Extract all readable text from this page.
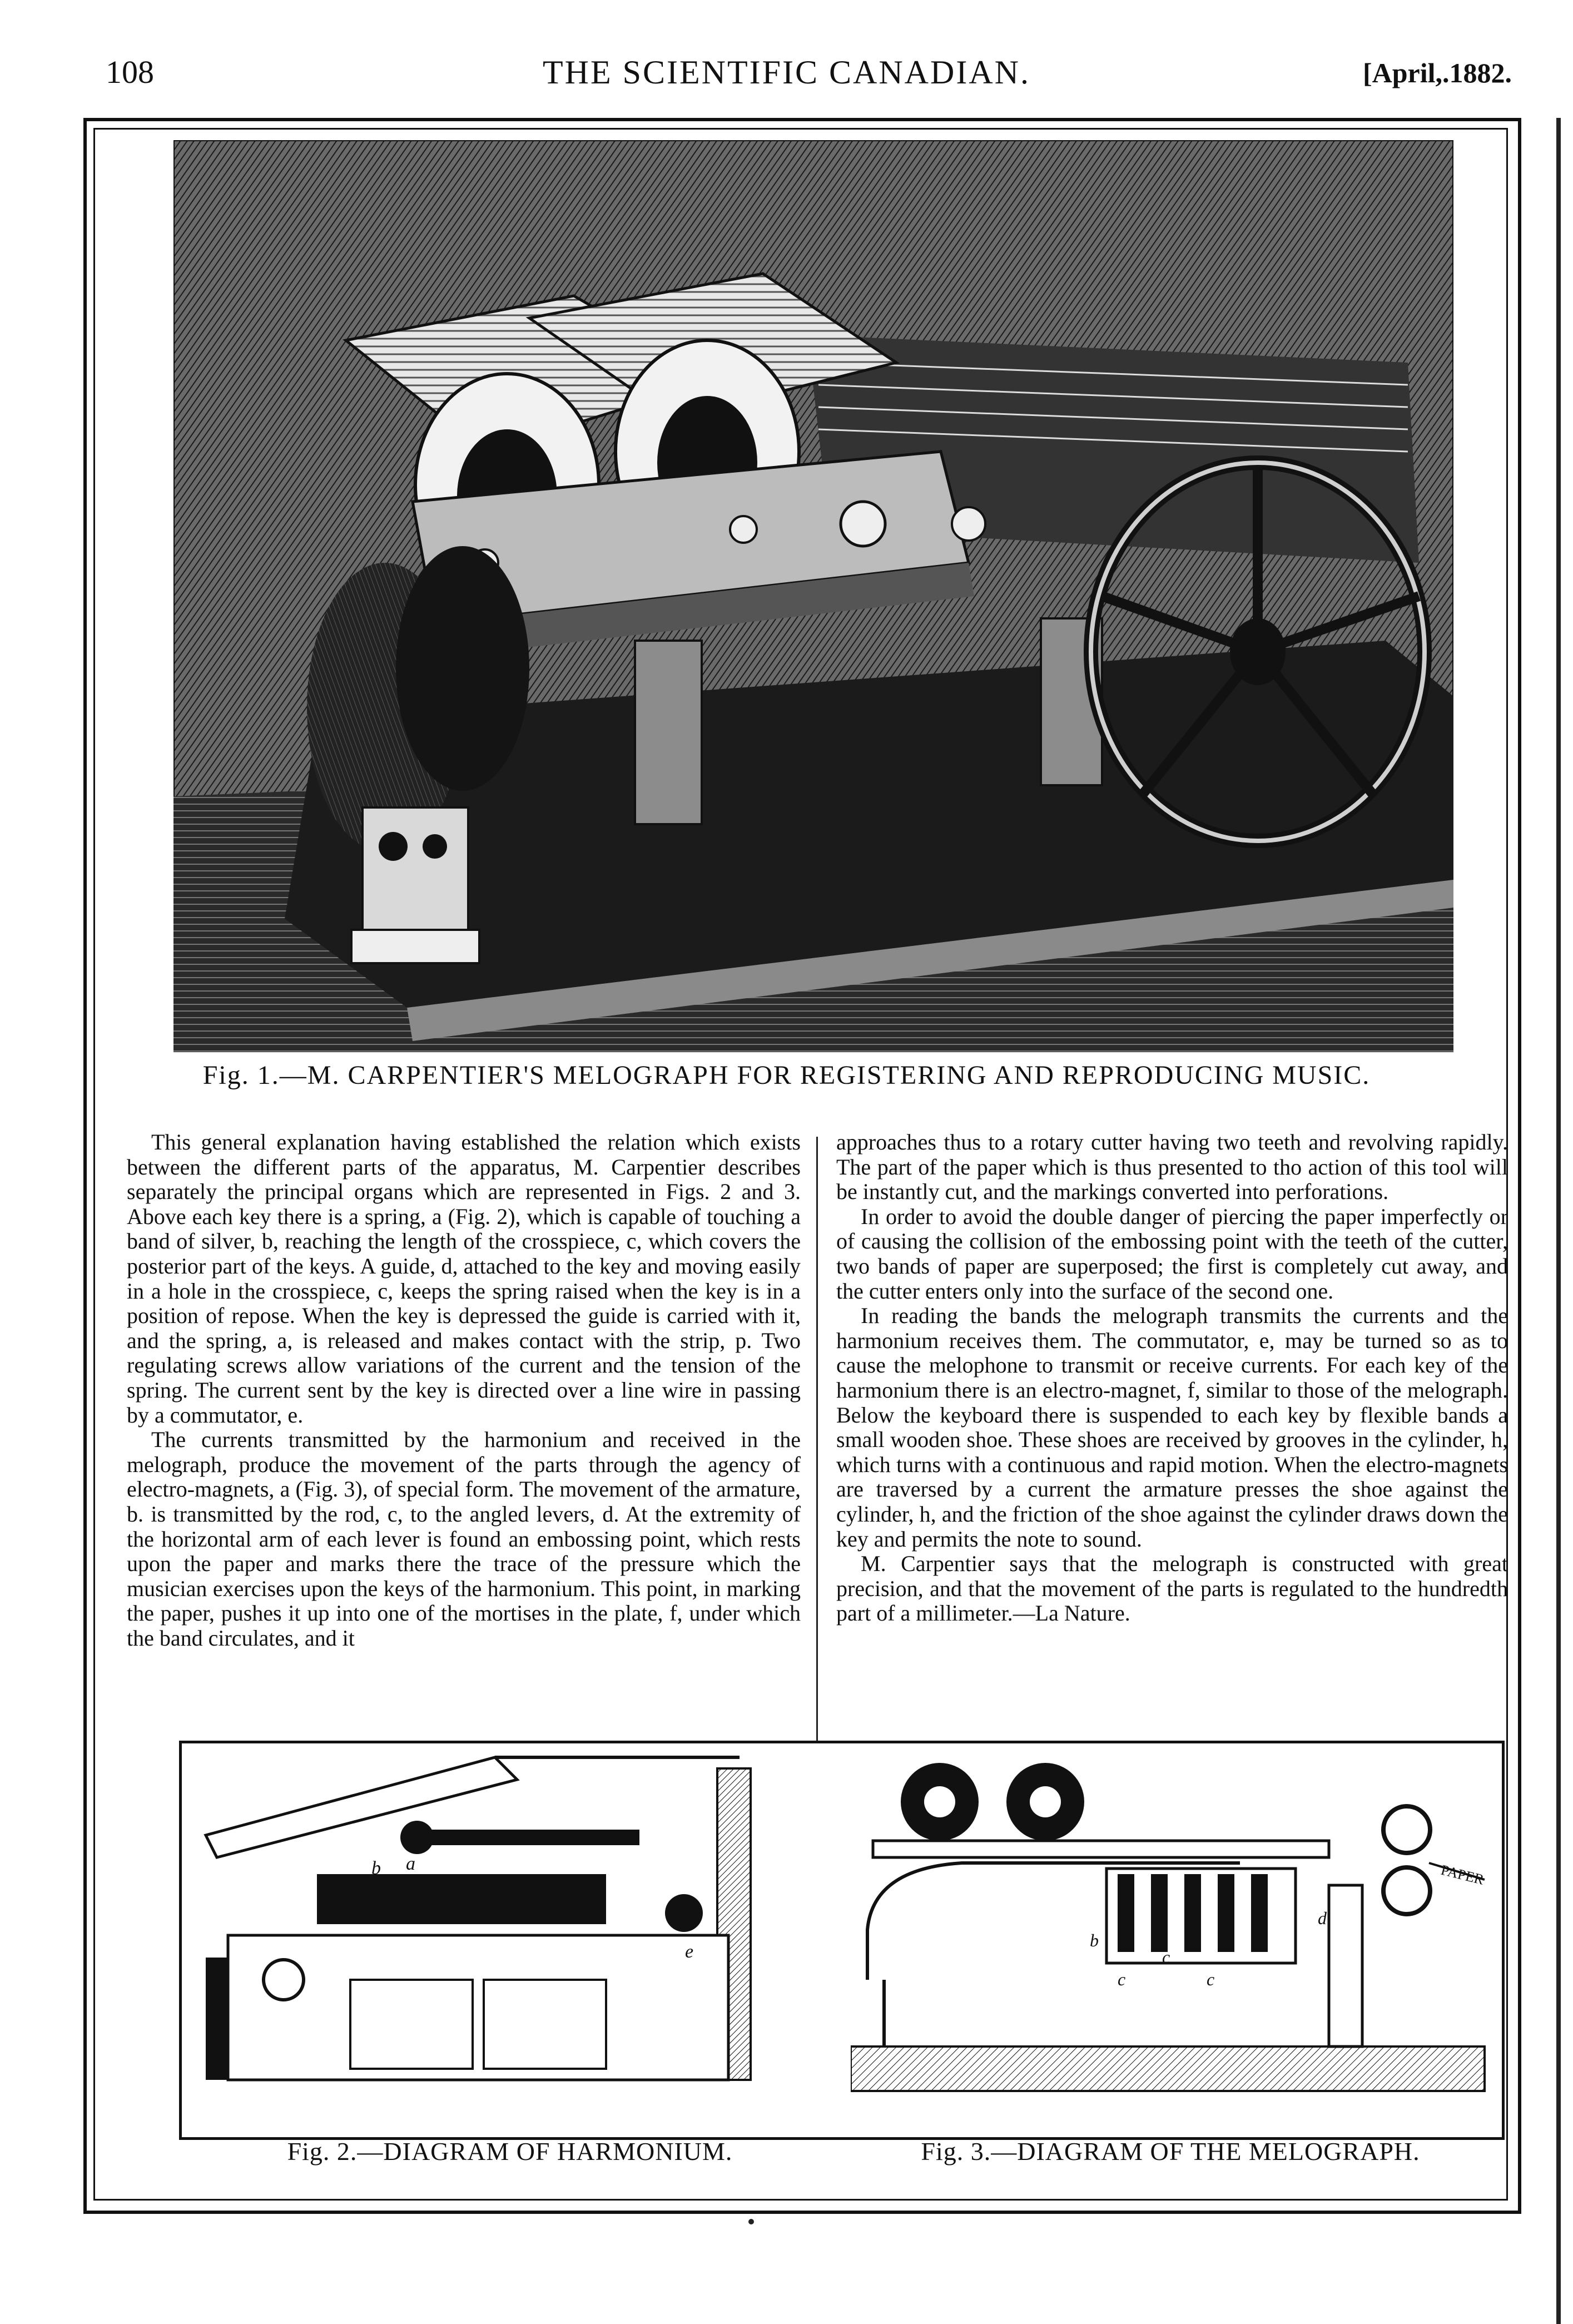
108	THE SCIENTIFIC CANADIAN.	[April,.1882.
Fig. 1.—M. CARPENTIER'S MELOGRAPH FOR REGISTERING AND REPRODUCING MUSIC.

This general explanation having established the relation which exists between the different parts of the apparatus, M. Carpentier describes separately the principal organs which are represented in Figs. 2 and 3. Above each key there is a spring, a (Fig. 2), which is capable of touching a band of silver, b, reaching the length of the crosspiece, c, which covers the posterior part of the keys. A guide, d, attached to the key and moving easily in a hole in the crosspiece, c, keeps the spring raised when the key is in a position of repose. When the key is depressed the guide is carried with it, and the spring, a, is released and makes contact with the strip, p. Two regulating screws allow variations of the current and the tension of the spring. The current sent by the key is directed over a line wire in passing by a commutator, e.

The currents transmitted by the harmonium and received in the melograph, produce the movement of the parts through the agency of electro-magnets, a (Fig. 3), of special form. The movement of the armature, b. is transmitted by the rod, c, to the angled levers, d. At the extremity of the horizontal arm of each lever is found an embossing point, which rests upon the paper and marks there the trace of the pressure which the musician exercises upon the keys of the harmonium. This point, in marking the paper, pushes it up into one of the mortises in the plate, f, under which the band circulates, and it

approaches thus to a rotary cutter having two teeth and revolving rapidly. The part of the paper which is thus presented to tho action of this tool will be instantly cut, and the markings converted into perforations.

In order to avoid the double danger of piercing the paper imperfectly or of causing the collision of the embossing point with the teeth of the cutter, two bands of paper are superposed; the first is completely cut away, and the cutter enters only into the surface of the second one.

In reading the bands the melograph transmits the currents and the harmonium receives them. The commutator, e, may be turned so as to cause the melophone to transmit or receive currents. For each key of the harmonium there is an electro-magnet, f, similar to those of the melograph. Below the keyboard there is suspended to each key by flexible bands a small wooden shoe. These shoes are received by grooves in the cylinder, h, which turns with a continuous and rapid motion. When the electro-magnets are traversed by a current the armature presses the shoe against the cylinder, h, and the friction of the shoe against the cylinder draws down the key and permits the note to sound.

M. Carpentier says that the melograph is constructed with great precision, and that the movement of the parts is regulated to the hundredth part of a millimeter.—La Nature.

b a
c
e
PAPER
d
b
c
c
c
Fig. 2.—DIAGRAM OF HARMONIUM.	Fig. 3.—DIAGRAM OF THE MELOGRAPH.
